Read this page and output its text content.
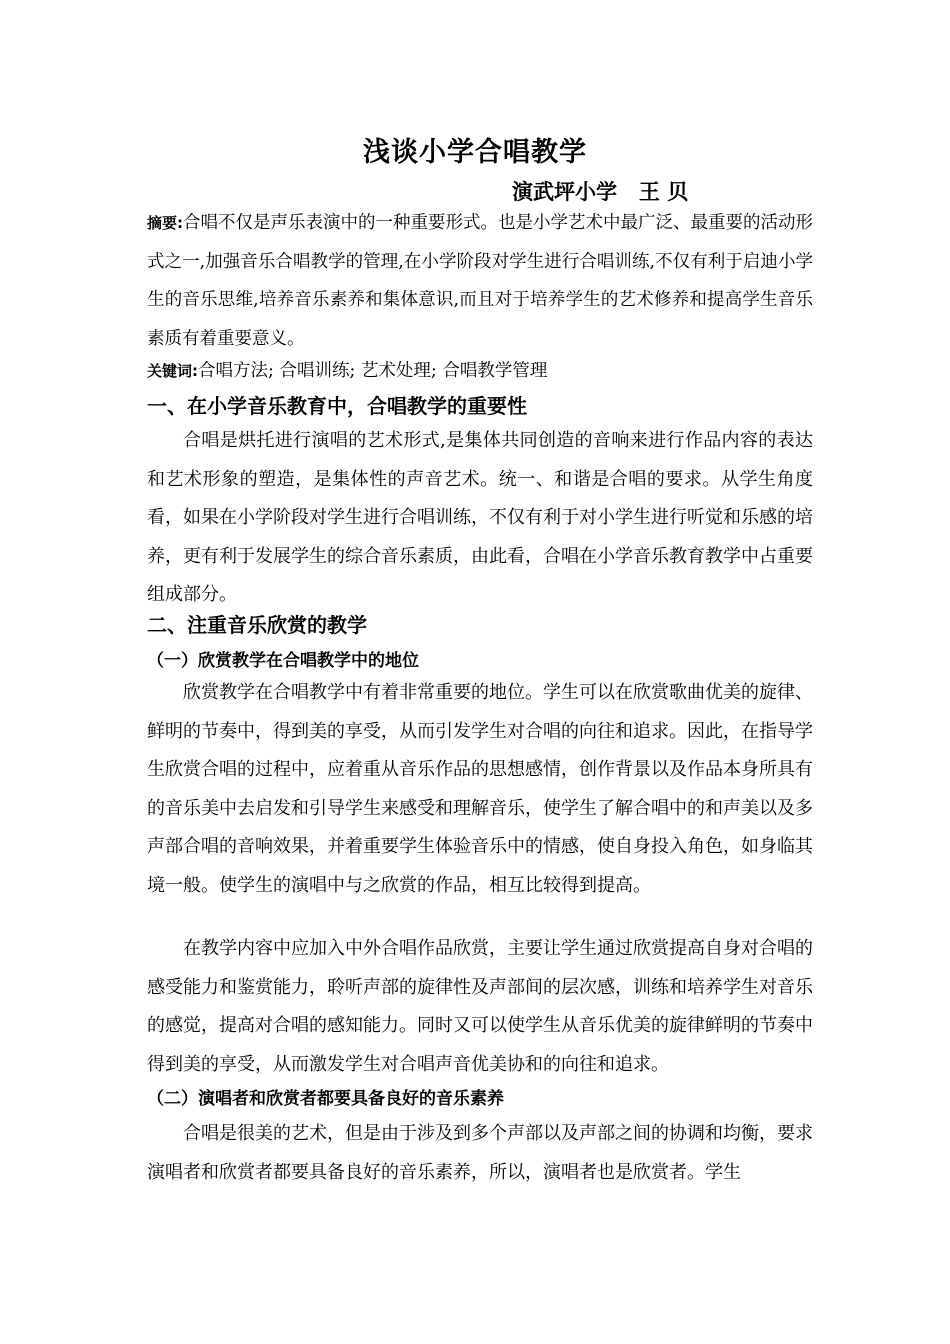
浅谈小学合唱教学
演武坪小学   王 贝

摘要:合唱不仅是声乐表演中的一种重要形式。也是小学艺术中最广泛、最重要的活动形式之一,加强音乐合唱教学的管理,在小学阶段对学生进行合唱训练,不仅有利于启迪小学生的音乐思维,培养音乐素养和集体意识,而且对于培养学生的艺术修养和提高学生音乐素质有着重要意义。

关键词:合唱方法; 合唱训练; 艺术处理; 合唱教学管理

一、在小学音乐教育中，合唱教学的重要性

合唱是烘托进行演唱的艺术形式,是集体共同创造的音响来进行作品内容的表达和艺术形象的塑造，是集体性的声音艺术。统一、和谐是合唱的要求。从学生角度看，如果在小学阶段对学生进行合唱训练，不仅有利于对小学生进行听觉和乐感的培养，更有利于发展学生的综合音乐素质，由此看，合唱在小学音乐教育教学中占重要组成部分。

二、注重音乐欣赏的教学

（一）欣赏教学在合唱教学中的地位

欣赏教学在合唱教学中有着非常重要的地位。学生可以在欣赏歌曲优美的旋律、鲜明的节奏中，得到美的享受，从而引发学生对合唱的向往和追求。因此，在指导学生欣赏合唱的过程中，应着重从音乐作品的思想感情，创作背景以及作品本身所具有的音乐美中去启发和引导学生来感受和理解音乐，使学生了解合唱中的和声美以及多声部合唱的音响效果，并着重要学生体验音乐中的情感，使自身投入角色，如身临其境一般。使学生的演唱中与之欣赏的作品，相互比较得到提高。

在教学内容中应加入中外合唱作品欣赏，主要让学生通过欣赏提高自身对合唱的感受能力和鉴赏能力，聆听声部的旋律性及声部间的层次感，训练和培养学生对音乐的感觉，提高对合唱的感知能力。同时又可以使学生从音乐优美的旋律鲜明的节奏中得到美的享受，从而激发学生对合唱声音优美协和的向往和追求。

（二）演唱者和欣赏者都要具备良好的音乐素养

合唱是很美的艺术，但是由于涉及到多个声部以及声部之间的协调和均衡，要求演唱者和欣赏者都要具备良好的音乐素养，所以，演唱者也是欣赏者。学生
